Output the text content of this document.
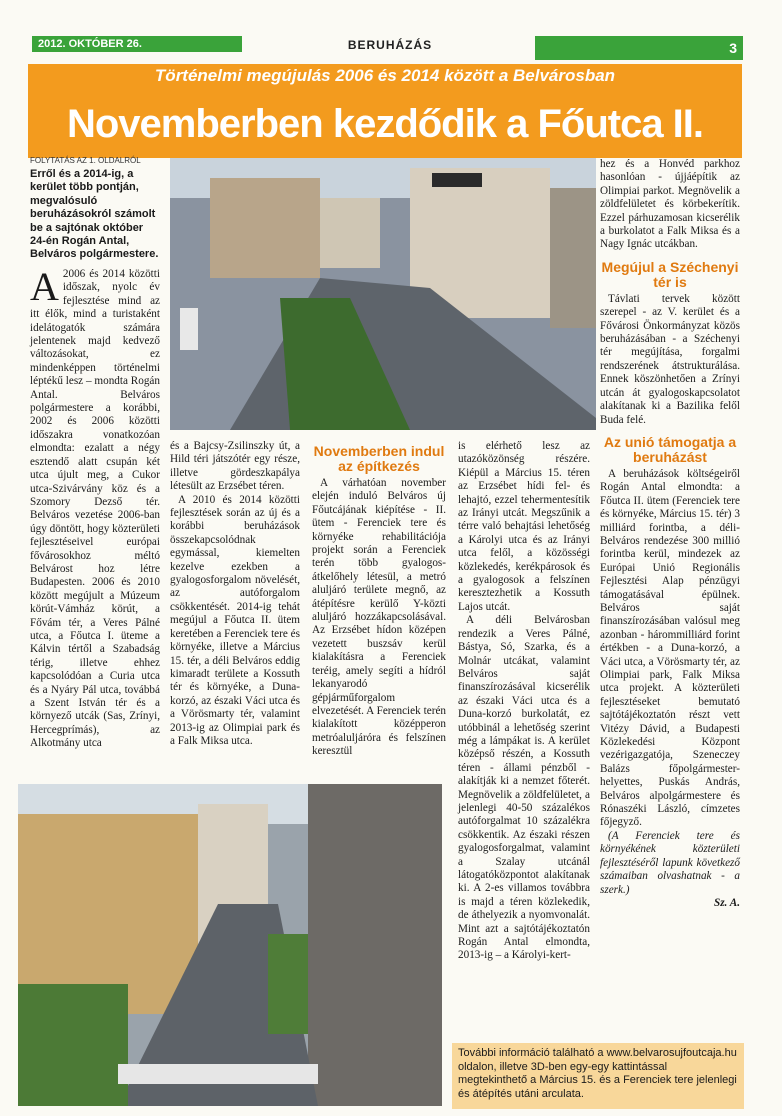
2012. OKTÓBER 26.	BERUHÁZÁS	3
Történelmi megújulás 2006 és 2014 között a Belvárosban
Novemberben kezdődik a Főutca II.
FOLYTATÁS AZ 1. OLDALRÓL
Erről és a 2014-ig, a kerület több pontján, megvalósuló beruházásokról számolt be a sajtónak október 24-én Rogán Antal, Belváros polgármestere.
A 2006 és 2014 közötti időszak, nyolc év fejlesztése mind az itt élők, mind a turistaként idelátogatók számára jelentenek majd kedvező változásokat, ez mindenképpen történelmi léptékű lesz – mondta Rogán Antal. Belváros polgármestere a korábbi, 2002 és 2006 közötti időszakra vonatkozóan elmondta: ezalatt a négy esztendő alatt csupán két utca újult meg, a Cukor utca-Szivárvány köz és a Szomory Dezső tér. Belváros vezetése 2006-ban úgy döntött, hogy közterületi fejlesztéseivel európai fővárosokhoz méltó Belvárost hoz létre Budapesten. 2006 és 2010 között megújult a Múzeum körút-Vámház körút, a Fővám tér, a Veres Pálné utca, a Főutca I. üteme a Kálvin tértől a Szabadság térig, illetve ehhez kapcsolódóan a Curia utca és a Nyáry Pál utca, továbbá a Szent István tér és a környező utcák (Sas, Zrínyi, Hercegprímás), az Alkotmány utca

és a Bajcsy-Zsilinszky út, a Hild téri játszótér egy része, illetve gördeszkapálya létesült az Erzsébet téren.

A 2010 és 2014 közötti fejlesztések során az új és a korábbi beruházások összekapcsolódnak egymással, kiemelten kezelve ezekben a gyalogosforgalom növelését, az autóforgalom csökkentését. 2014-ig tehát megújul a Főutca II. ütem keretében a Ferenciek tere és környéke, illetve a Március 15. tér, a déli Belváros eddig kimaradt területe a Kossuth tér és környéke, a Duna-korzó, az északi Váci utca és a Vörösmarty tér, valamint 2013-ig az Olimpiai park és a Falk Miksa utca.

Novemberben indul az építkezés

A várhatóan november elején induló Belváros új Főutcájának kiépítése - II. ütem - Ferenciek tere és környéke rehabilitációja projekt során a Ferenciek terén több gyalogos-átkelőhely létesül, a metró aluljáró területe megnő, az átépítésre kerülő Y-közti aluljáró hozzákapcsolásával. Az Erzsébet hídon középen vezetett buszsáv kerül kialakításra a Ferenciek teréig, amely segíti a hídról lekanyarodó gépjárműforgalom elvezetését. A Ferenciek terén kialakított középperon metróaluljáróra és felszínen keresztül

is elérhető lesz az utazóközönség részére. Kiépül a Március 15. téren az Erzsébet hídi fel- és lehajtó, ezzel tehermentesítik az Irányi utcát. Megszűnik a térre való behajtási lehetőség a Károlyi utca és az Irányi utca felől, a közösségi közlekedés, kerékpárosok és a gyalogosok a felszínen keresztezhetik a Kossuth Lajos utcát.

A déli Belvárosban rendezik a Veres Pálné, Bástya, Só, Szarka, és a Molnár utcákat, valamint Belváros saját finanszírozásával kicserélik az északi Váci utca és a Duna-korzó burkolatát, ez utóbbinál a lehetőség szerint még a lámpákat is. A kerület középső részén, a Kossuth téren - állami pénzből - alakítják ki a nemzet főterét. Megnövelik a zöldfelületet, a jelenlegi 40-50 százalékos autóforgalmat 10 százalékra csökkentik. Az északi részen gyalogosforgalmat, valamint a Szalay utcánál látogatóközpontot alakítanak ki. A 2-es villamos továbbra is majd a téren közlekedik, de áthelyezik a nyomvonalát. Mint azt a sajtótájékoztatón Rogán Antal elmondta, 2013-ig – a Károlyi-kert-

hez és a Honvéd parkhoz hasonlóan - újjáépítik az Olimpiai parkot. Megnövelik a zöldfelületet és körbekerítik. Ezzel párhuzamosan kicserélik a burkolatot a Falk Miksa és a Nagy Ignác utcákban.

Megújul a Széchenyi tér is

Távlati tervek között szerepel - az V. kerület és a Fővárosi Önkormányzat közös beruházásában - a Széchenyi tér megújítása, forgalmi rendszerének átstrukturálása. Ennek köszönhetően a Zrínyi utcán át gyalogoskapcsolatot alakítanak ki a Bazilika felől Buda felé.

Az unió támogatja a beruházást

A beruházások költségeiről Rogán Antal elmondta: a Főutca II. ütem (Ferenciek tere és környéke, Március 15. tér) 3 milliárd forintba, a déli-Belváros rendezése 300 millió forintba kerül, mindezek az Európai Unió Regionális Fejlesztési Alap pénzügyi támogatásával épülnek. Belváros saját finanszírozásában valósul meg azonban - hárommilliárd forint értékben - a Duna-korzó, a Váci utca, a Vörösmarty tér, az Olimpiai park, Falk Miksa utca projekt. A közterületi fejlesztéseket bemutató sajtótájékoztatón részt vett Vitézy Dávid, a Budapesti Közlekedési Központ vezérigazgatója, Szeneczey Balázs főpolgármester-helyettes, Puskás András, Belváros alpolgármestere és Rónaszéki László, címzetes főjegyző.

(A Ferenciek tere és környékének közterületi fejlesztéséről lapunk következő számaiban olvashatnak - a szerk.)

Sz. A.
További információ található a www.belvarosujfoutcaja.hu oldalon, illetve 3D-ben egy-egy kattintással megtekinthető a Március 15. és a Ferenciek tere jelenlegi és átépítés utáni arculata.
